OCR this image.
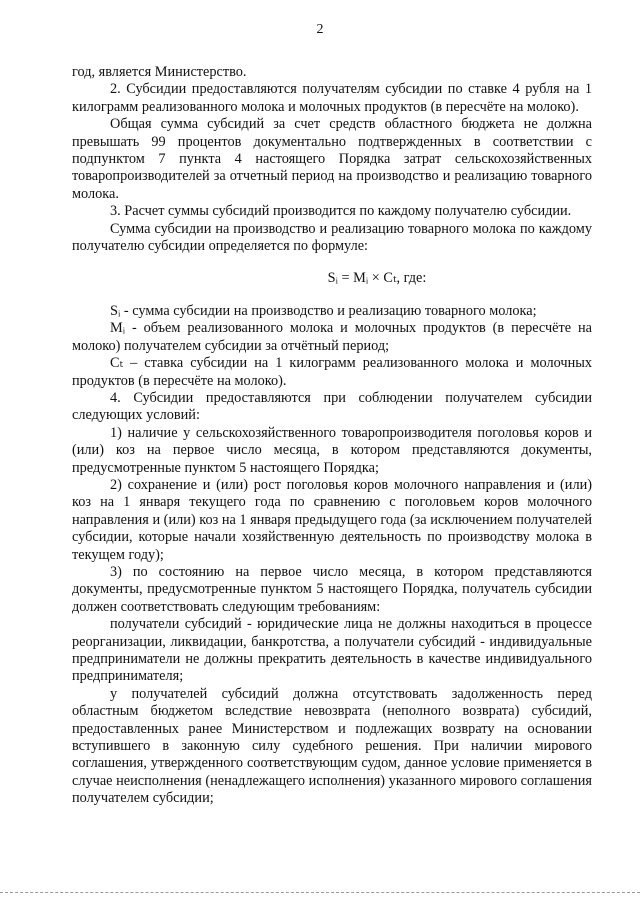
2

год, является Министерство.

2. Субсидии предоставляются получателям субсидии по ставке 4 рубля на 1 килограмм реализованного молока и молочных продуктов (в пересчёте на молоко).

Общая сумма субсидий за счет средств областного бюджета не должна превышать 99 процентов документально подтвержденных в соответствии с подпунктом 7 пункта 4 настоящего Порядка затрат сельскохозяйственных товаропроизводителей за отчетный период на производство и реализацию товарного молока.

3. Расчет суммы субсидий производится по каждому получателю субсидии.

Сумма субсидии на производство и реализацию товарного молока по каждому получателю субсидии определяется по формуле:

Sᵢ = Mᵢ × Cₜ, где:

Sᵢ - сумма субсидии на производство и реализацию товарного молока;

Mᵢ - объем реализованного молока и молочных продуктов (в пересчёте на молоко) получателем субсидии за отчётный период;

Cₜ – ставка субсидии на 1 килограмм реализованного молока и молочных продуктов (в пересчёте на молоко).

4. Субсидии предоставляются при соблюдении получателем субсидии следующих условий:

1) наличие у сельскохозяйственного товаропроизводителя поголовья коров и (или) коз на первое число месяца, в котором представляются документы, предусмотренные пунктом 5 настоящего Порядка;

2) сохранение и (или) рост поголовья коров молочного направления и (или) коз на 1 января текущего года по сравнению с поголовьем коров молочного направления и (или) коз на 1 января предыдущего года (за исключением получателей субсидии, которые начали хозяйственную деятельность по производству молока в текущем году);

3) по состоянию на первое число месяца, в котором представляются документы, предусмотренные пунктом 5 настоящего Порядка, получатель субсидии должен соответствовать следующим требованиям:

получатели субсидий - юридические лица не должны находиться в процессе реорганизации, ликвидации, банкротства, а получатели субсидий - индивидуальные предприниматели не должны прекратить деятельность в качестве индивидуального предпринимателя;

у получателей субсидий должна отсутствовать задолженность перед областным бюджетом вследствие невозврата (неполного возврата) субсидий, предоставленных ранее Министерством и подлежащих возврату на основании вступившего в законную силу судебного решения. При наличии мирового соглашения, утвержденного соответствующим судом, данное условие применяется в случае неисполнения (ненадлежащего исполнения) указанного мирового соглашения получателем субсидии;
